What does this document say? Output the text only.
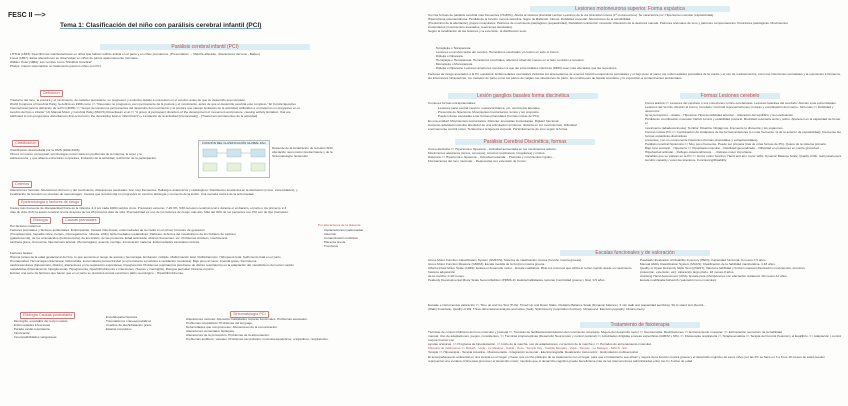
FESC II —>
Tema 1: Clasificación del niño con parálisis cerebral infantil (PCI)
Parálisis cerebral infantil (PCI)

LITTLE (1843): Describió las manifestaciones en niños que habían sufrido asfixia en el parto y en niños prematuros. (Presentaban → Marcha alterada - Alteraciones del tono - Babeo)

Freud (1897): Estas alteraciones se observaban en niños de partos aparentemente normales.

William Osler (1889): Les nombre como "Parálisis Cerebral"

Phelps: Interés sistematizar un tratamiento para los niños con PCI.

Definición

Trastorno del tono, la postura y el movimiento, de carácter persistente, no progresivo y evolutivo debido a una lesión en el cerebro antes de que su desarrollo sea completo.

World Congress of Cerebral Palsy, la definió en 1966 como => "Desorden no progresivo, pero permanente de la postura y el movimiento, antes de que el desarrollo cerebral esté completo." El Comité Ejecutivo

Internacional para la definición de la PCI (2005) => "Grupo de trastornos permanentes del desarrollo del movimiento y la postura que causan limitación de la actividad, atribuidos a un trastorno no progresivo en el

cerebro del feto o infante" (A) Manual Motor y Cerebral Palsy (MACS) Rosenbaum et al => "A group of permanent disorders of the development of movement and posture, causing activity limitation, that are

attributed to non-progressive disturbances that occurred in the developing fetal or infant brain" (+ Limitación de la actividad (Interpretado)) - (Trastornos permanentes de la actividad)

Clasificación

Clasificación desarrollada por la OMS (2002-2005)

Ofrece un marco conceptual, terminología común para los problemas de la infancia, la tener y la

adolescencia, y que abarca estructuras corporales, limitación de la actividad, restricción de la participación.

FUNCIÓN DEL CLASIFICACIÓN GLOBAL FAC

Depende de la localización de la lesión SNC,

afectación neuromotor predominante y de la

Sintomatología. Extensión.

Criterios

Alteraciones motoras: Alteraciones del tono y del movimiento. Alteraciones asociadas: Son muy frecuentes. Hallazgos anatómicos y radiológicos: Distribución anatómica en la afectación (mono, extremidades), y

localización de la lesión en pruebas de neuroimagen. Causas que la lesión fija no progresiva en cerebro. Etiología y momento de la lesión. Una secuela motora de la enfermedad.

Epidemiología y factores de riesgo

Causa más frecuente de discapacidad física en la infancia. 2-4 por cada 1000 nacidos vivos. Prematuro extremo: 7-20.3%. 94% la lesión cerebral ocurre durante el embarazo, el parto o los primeros 2-3

días de vida. 61% la lesión cerebral ocurre después de los 28 primeros días de vida. Prematuridad es uno de los factores de riesgo más alto. Más del 40% de los pacientes con PCI son de tipo prematuro.

Etiología	Causas prenatales

Por factores maternos:

Factores prenatales y factores ambientales. Embriopatías. Causas infecciosas, enfermedades de la madre en el primer trimestre de gestación

(Toxoplasmosis, hepatitis virica, herpes, citomegalovirus, rubéola, sífilis). Enfermedades metabólicas: Diabetes, defectos del metabolismo de los hidratos de carbono

(galactosemia), de los aminoácidos (fenilcetonuria), de los lípidos, de las proteínas. Edad avanzada, abortos frecuentes, etc. Problemas tiroideos, insuficiencia

cardíaca grave, la toxemia, hipertensión arterial. (Hemorragias), anemia, cerclaje. Intoxicación materna. Enfermedades vasculares tóxicas.

Por alteraciones de la placenta
· Implantaciones inadecuadas
· Infección
· Contaminación umbilical
· Placenta previa
· Trombosis

Factores fetales:

Hipoxia (antes de la edad gestacional del feto, lo que aumenta el riesgo de anoxia y hemorragia. Embarazo múltiple. Malformación fetal. Polihidramnios. Hidropesía fetal. Sufrimiento fetal en el parto

Prematuridad. Hemorragia intracraneal, hidrocefalia, leucomalacia periventricular (en prematuros sometidos a ventilación mecánica). Bajo peso al nacer. Anemia grave. Kernicterus.

cardiovasculares (hipotensión, distrés), alteraciones en la respiración espontánea, hipoglucemia. Problemas respiratorios (síndrome de distrés respiratorio) en la adaptación del metabolismo del recién nacido

metabólicas (hipocalcemia, hipoglucemia), Hipoglucemia, hiperbilirrubinemia e infecciones. (Sepsis y meningitis). Riesgos perinatal. Durante el parto.

Existen una serie de factores que hacen que en el parto se produzca anoxia cerebral o daño neurológico... Hiperbilirrubinemia.

Etiología Causas postnatales
· Meningitis, encefalitis del recién nacido
· Enfermedades infecciosas
· Parada cardio-respiratoria
· Intoxicación
· Incompatibilidades sanguíneas
· Encefalopatía hipóxica
· Traumatismos craneoencefálicos
· Cuadros de deshidratación grave
· Estatus convulsivo
Sintomatología PCI

Alteraciones motoras: Alteración habilidades motoras funcionales. Problemas asociados:

Problemas ortopédicos: Problemas del lenguaje.

Deformidades que comprometen: Alteraciones de la comunicación.

Alteraciones sensoriales: Epilepsia.

Alteraciones de la percepción: Problemas de la alimentación.

Problemas auditivos, visuales: Problemas secundarios: musculoesqueléticos, ortopédicos, respiratorios.

Lesiones motoneurona superior. Forma espástica

Son las formas de parálisis cerebral más frecuentes (70-80%). Afecta al sistema piramidal central. Lesiones de la vía piramidal motora (1ª motoneurona). Se caracteriza por: Hipertonía muscular (espasticidad).

Hiperreflexia osteotendinosa. Pérdida de la función motora selectiva. Signo de Babinski. Clonus. Debilidad muscular. Alteraciones de la sensibilidad.

(Predominio de la afectación) grupos musculares. Patrones de movimiento patológicos (espasticidad). Debilidad contracción muscular. Alteración de la destreza manual. Patrones anómalos de tono y patrones compensatorios. Posiciones patológicas. Movimientos

involuntarios (movimientos asociados, reacciones asociadas).

Según la localización de las lesiones y la extensión, la distribución será:

· Tetraplejia o Tetraparesia.
· Lesiones en ambos lados del cerebro. Hemisferios cerebrales y/o lesión en todo el tronco.
· Diplejia o Diparesia.
· Hemiplejia o Hemiparesia. Hemisferios cerebrales, afecta la mitad del cuerpo en el lado contrario a la lesión.
· Monoplejia o Monoparesia.
· Diplejia o Diparesia. Lesiones anteriores conducen a que las extremidades inferiores (MMII) sean más afectadas que las superiores.
Factores de riesgo asociados a la PC espástica: Enfermedades neonatales incluidos los antecedentes de eventos hipóxico-isquémicos perinatales y el bajo peso al nacer, las enfermedades prenatales de la madre y el uso de medicamentos, como las infecciones perinatales y la exposición a fármacos, las infecciones intrauterinas, los métodos de parto como los partos de nalgas, las situaciones de parto, las condiciones de líquido amniótico y la exposición a contaminantes ambientales.
Lesión ganglios basales forma discinética
Comunes formas extrapiramidales:
· Lesiones parte central cerebro: sustancia blanca, y/o, ventrículos laterales.
· Presencia de hipertonía. Movimientos involuntarios, lentos y sin propósito.
· Pueden darse asociadas a las formas piramidales (formas mixtas de PCI).

Es una entidad. Movimientos involuntarios. Distonia: anomalías involuntarias. Rigidez funcional.

Aumento actividad muscular alrededor de una articulación (mínimos: distonía en los movimientos). Dificultad

enormemente control motor. Tendencia a la ligereza corporal. Particularmente de tono según la forma.

Parálisis Cerebral Discinética, formas

Coreo-atetósica => Hipertonía e hipotonía. - Actividad aumentada en los movimientos activos.

Movimientos atetósicos (lentos, sinuosos), coreicos (explosivos, irregulares) y mixtos.

Distónica => Hipertonía e hipotonía. - Actividad reducida. - Posturas y movimientos rígidos. -

Fluctuaciones del tono muscular. - Respuestas con extensión de tronco.

Formas Lesiones cerebelo

Forma atáxica => Lesiones del cerebelo o sus conexiones cortico-cerebelosas. Lesiones laterales del cerebelo: Afectan a las extremidades.

Lesiones del Vermis: Afectan al tronco. Cerebelo: Controla representaciones motoras y coordinación del cuerpo. Síntomas => Debilidad y descontrol

de la percepción. - Atasia. - Hipotonía. Hipersensibilidad articular. - Alteración del equilibrio y la coordinación.

Pérdida de coordinación muscular. Déficit control y estabilidad postural. Movilidad voluntaria lenta y pobre. Aparecen en la capacidad de frenar el

movimiento (adiadococinesia). Temblor. Disartria. Nistagmus. Frecuente la dismetría y los espasmos.

Formas mixtas PCI => Combinación de cualquiera de las formas anteriores (Lo más frecuente: la de la anterior de espasticidad). Frecuente las formas espásticas-discinéticas

presentes, con un componente hipotónico (formas piramidales y extrapiramidales).

Parálisis cerebral hipotónica => Muy poco frecuente. Puede ser primaria (tras de otras formas de PC). Quiere de la sistema primario.

Bajo tono postural. - Hipotonía => Hipoplasia muscular. - Debilidad generalizada. - Dificultad en posiciones en contra gravedad. -

Hiperlaxitud articular. - Reflejos osteotendinosos... - Retraso motor importante.

Variables que se valoran en la PC => Gross motor function. Hand and arm motor skills. Dynamic Balance Scale. Quality of life. Gait parameters.

Aerobic capacity / exercise tolerance. Functioning/Disability.

Escalas funcionales y de valoración

Gross Motor Function Classification System (GMFCS): Sistema de clasificación motora (función motora gruesa).

Gross Motor Function Measure (GMFM): Escala medida de la función motora gruesa.

Alberta Infant Motor Scale (AIMS): Evalúa el desarrollo motor... Escala cualitativa. Mide los recursos que utiliza el recién nacido desde su nacimiento hasta la adquisición

de la marcha: 0-18 meses.

Peabody Developmental Motor Scale Second Edition (PDMS-2): Evalúa habilidades motoras (motricidad gruesa y fina). 0-5 años.

Paediatric Evaluation of Disability Inventory (PEDI): Capacidad funcional. 6 meses-7,5 años.

Manual Ability Classification System (MACS): Clasificación de la habilidad manipulativa. 4-18 años.

Quality of Upper Extremity Skills Test (QUEST): Valora la habilidad y función manual (disociación movimientos, prensión,

protección, extensión, etc): valoración largo plazo: 18 meses-8 años.

Assisting Hand Assessment (AHA): Escala para niños/jóvenes con afectación unilateral. 18 meses-12 años.

Escala modificada Ashworth (valoración tono muscular).

Escalas e instrumentos valoración => Time up and Go Test (TUG). Timed Up and Down Stairs. Pediatric Balance Scale (Dynamic balance). 6 min walk test (capacidad aeróbica). Sit to stand test (fuerza...

(Walk) Inventario. Quality of Wil. Three-dimensional analysis and video (Gait). Splintometry (respiration function). Ultrasound: Electromyography. Dinamometry.

Tratamiento de fisioterapia

Técnicas de control inhibición del tono muscular y postural => Técnicas de facilitación/estimulación del movimiento voluntario. Mejora del desarrollo motor => Neuroterapia. Movilizaciones => Entrenamiento muscular. => Estimulación sensorial / de la habilidad

manual. Uso de adaptaciones, juegos, consistentes. => Técnicas propioceptivas (Desarrollo Neuromotor y control postural) => Actividades dirigidas a tareas específicas (GMFM y MS). => Fisioterapia respiratoria => Terapia acuática => Terapia del Control Postural y el Equilibrio. => Adaptación / control mejora función con

ayudas ortésicas. => Programa de bipedestación. => Inicio de la marcha, uso de adaptaciones, corrección de la marcha y => Períodos de entrenamiento muscular.

Métodos de tratamiento => Bobath - Vojta - Le Métayer - Kabat - Peto - Temple Fay - Castillo Morales - Vojta - Tomatic - Le Métayer - MACS - Etc.

Terapia => Hipoterapia - Terapia Acuática - Musicoterapia - Integración sensorial - Electromiografía. Realización psicomotriz - Estimulación multisensorial.

El acompañamiento ambiental en una terapia en el hogar, y hacer que el niño participe de su tratamiento con el hogar, para que el tratamiento sea eficaz y mejora de la función motora gruesa y el desarrollo cognitivo de estos niños por las PC se hace en 3 a 6 los 18 meses de edad pueden

representar una ventana crítica para promover el desarrollo motor, mientras que el desarrollo cognitivo puede beneficiarse más de las intervenciones administradas entre los 3 y 6 años de edad.
